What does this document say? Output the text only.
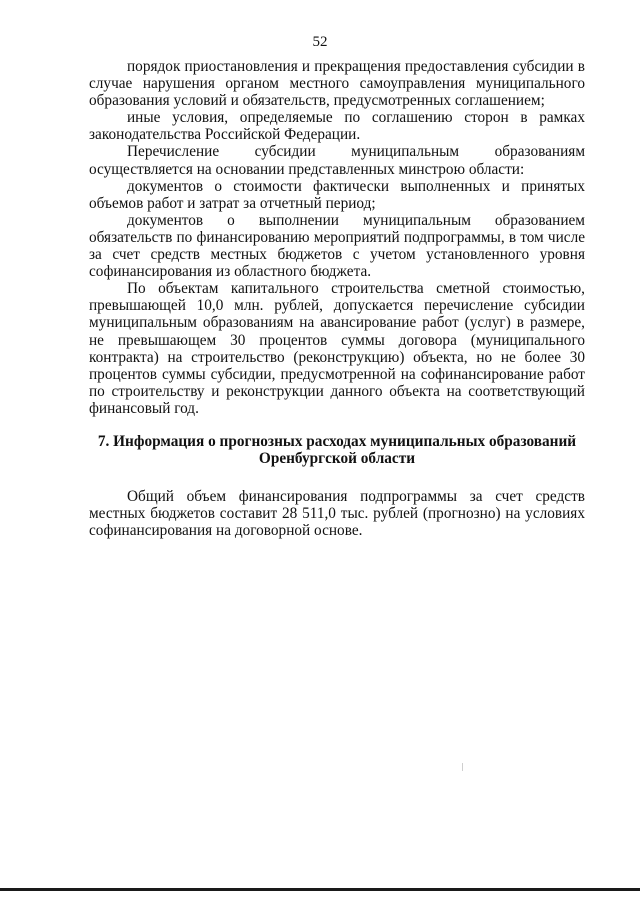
52

порядок приостановления и прекращения предоставления субсидии в случае нарушения органом местного самоуправления муниципального образования условий и обязательств, предусмотренных соглашением;

иные условия, определяемые по соглашению сторон в рамках законодательства Российской Федерации.

Перечисление субсидии муниципальным образованиям осуществляется на основании представленных минстрою области:

документов о стоимости фактически выполненных и принятых объемов работ и затрат за отчетный период;

документов о выполнении муниципальным образованием обязательств по финансированию мероприятий подпрограммы, в том числе за счет средств местных бюджетов с учетом установленного уровня софинансирования из областного бюджета.

По объектам капитального строительства сметной стоимостью, превышающей 10,0 млн. рублей, допускается перечисление субсидии муниципальным образованиям на авансирование работ (услуг) в размере, не превышающем 30 процентов суммы договора (муниципального контракта) на строительство (реконструкцию) объекта, но не более 30 процентов суммы субсидии, предусмотренной на софинансирование работ по строительству и реконструкции данного объекта на соответствующий финансовый год.

7. Информация о прогнозных расходах муниципальных образований
Оренбургской области

Общий объем финансирования подпрограммы за счет средств местных бюджетов составит 28 511,0 тыс. рублей (прогнозно) на условиях софинансирования на договорной основе.
